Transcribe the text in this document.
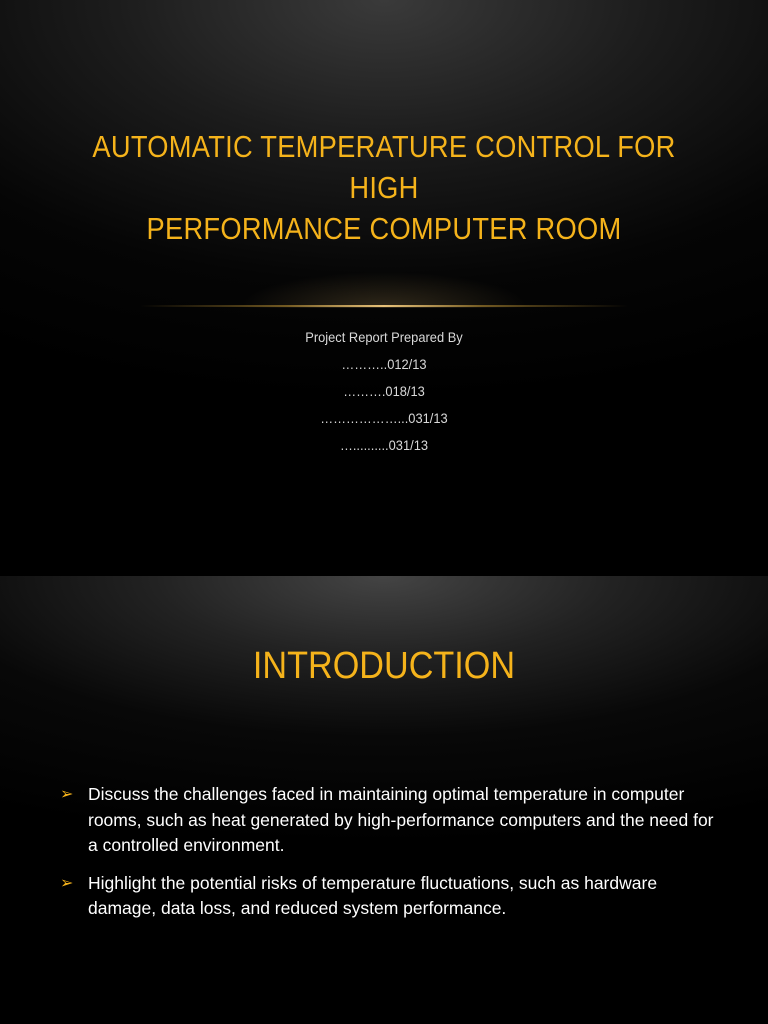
AUTOMATIC TEMPERATURE CONTROL FOR
HIGH
PERFORMANCE COMPUTER ROOM
Project Report Prepared By
………..012/13
……….018/13
………………...031/13
…..........031/13
INTRODUCTION
➢ Discuss the challenges faced in maintaining optimal temperature in computer rooms, such as heat generated by high-performance computers and the need for a controlled environment.
➢ Highlight the potential risks of temperature fluctuations, such as hardware damage, data loss, and reduced system performance.
